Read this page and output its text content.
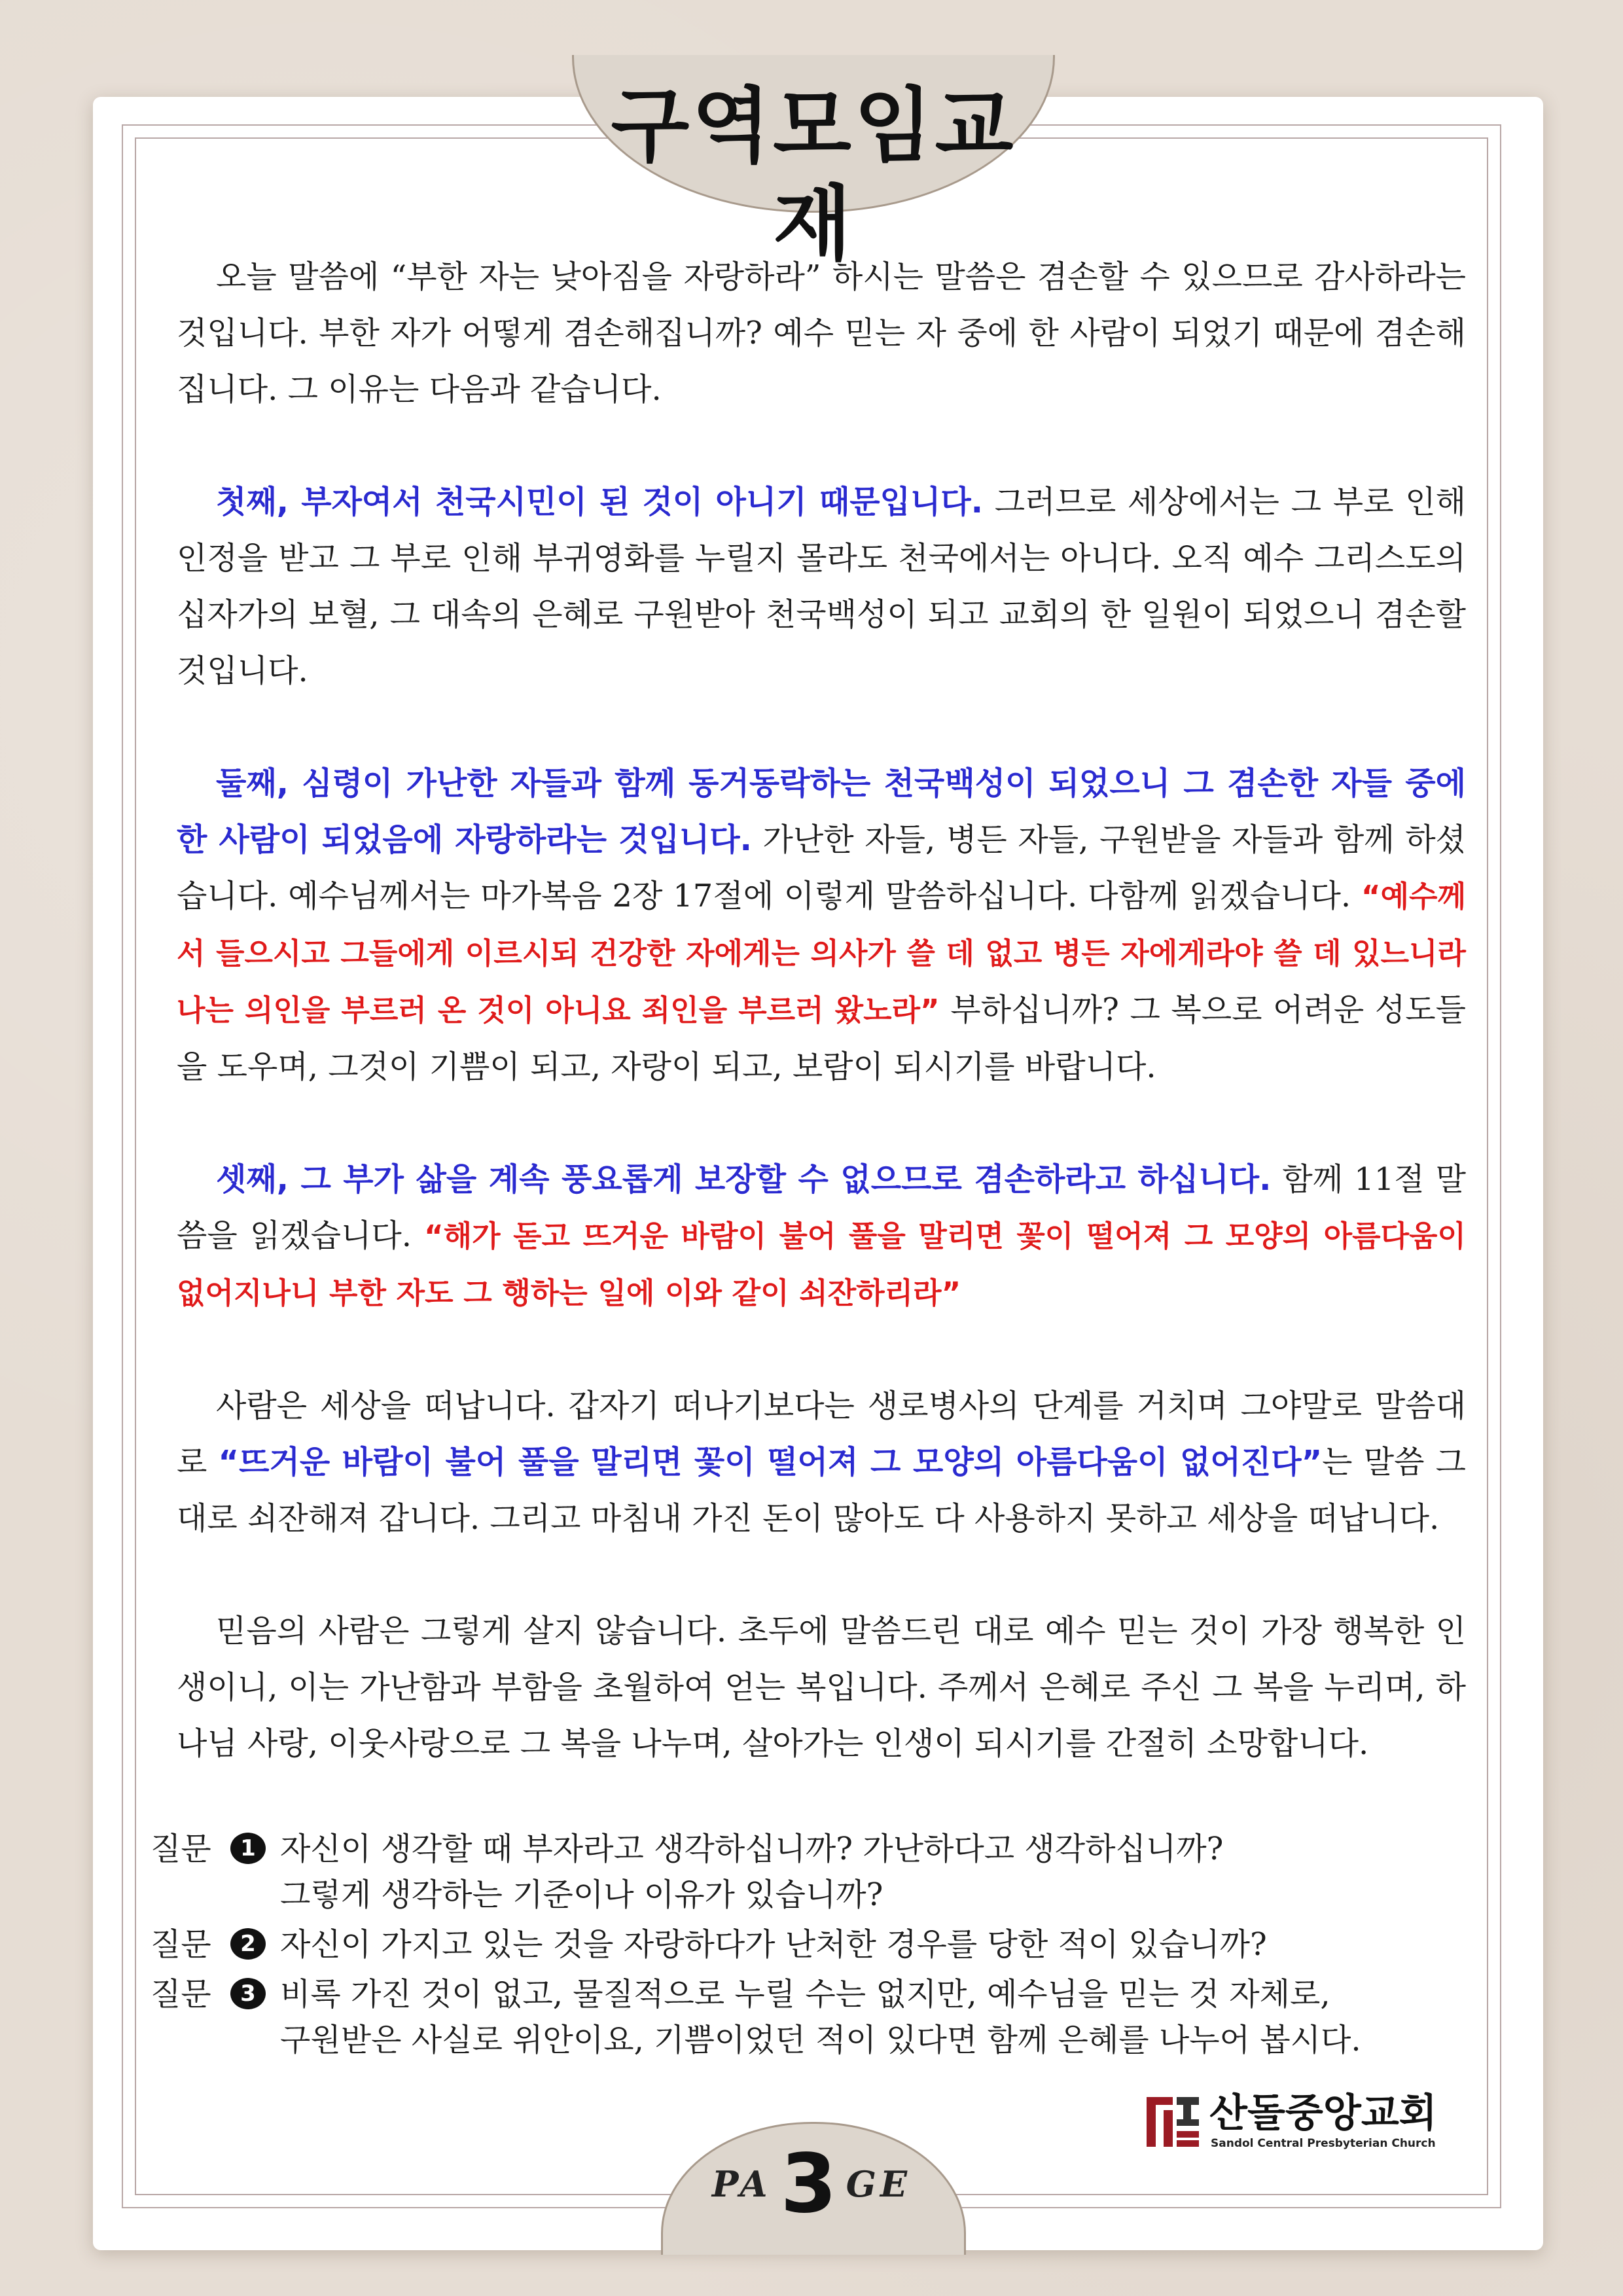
구역모임교재

오늘 말씀에 “부한 자는 낮아짐을 자랑하라” 하시는 말씀은 겸손할 수 있으므로 감사하라는 것입니다. 부한 자가 어떻게 겸손해집니까? 예수 믿는 자 중에 한 사람이 되었기 때문에 겸손해집니다. 그 이유는 다음과 같습니다.

첫째, 부자여서 천국시민이 된 것이 아니기 때문입니다. 그러므로 세상에서는 그 부로 인해 인정을 받고 그 부로 인해 부귀영화를 누릴지 몰라도 천국에서는 아니다. 오직 예수 그리스도의 십자가의 보혈, 그 대속의 은혜로 구원받아 천국백성이 되고 교회의 한 일원이 되었으니 겸손할 것입니다.

둘째, 심령이 가난한 자들과 함께 동거동락하는 천국백성이 되었으니 그 겸손한 자들 중에 한 사람이 되었음에 자랑하라는 것입니다. 가난한 자들, 병든 자들, 구원받을 자들과 함께 하셨습니다. 예수님께서는 마가복음 2장 17절에 이렇게 말씀하십니다. 다함께 읽겠습니다. “예수께서 들으시고 그들에게 이르시되 건강한 자에게는 의사가 쓸 데 없고 병든 자에게라야 쓸 데 있느니라 나는 의인을 부르러 온 것이 아니요 죄인을 부르러 왔노라” 부하십니까? 그 복으로 어려운 성도들을 도우며, 그것이 기쁨이 되고, 자랑이 되고, 보람이 되시기를 바랍니다.

셋째, 그 부가 삶을 계속 풍요롭게 보장할 수 없으므로 겸손하라고 하십니다. 함께 11절 말씀을 읽겠습니다. “해가 돋고 뜨거운 바람이 불어 풀을 말리면 꽃이 떨어져 그 모양의 아름다움이 없어지나니 부한 자도 그 행하는 일에 이와 같이 쇠잔하리라”

사람은 세상을 떠납니다. 갑자기 떠나기보다는 생로병사의 단계를 거치며 그야말로 말씀대로 “뜨거운 바람이 불어 풀을 말리면 꽃이 떨어져 그 모양의 아름다움이 없어진다”는 말씀 그대로 쇠잔해져 갑니다. 그리고 마침내 가진 돈이 많아도 다 사용하지 못하고 세상을 떠납니다.

믿음의 사람은 그렇게 살지 않습니다. 초두에 말씀드린 대로 예수 믿는 것이 가장 행복한 인생이니, 이는 가난함과 부함을 초월하여 얻는 복입니다. 주께서 은혜로 주신 그 복을 누리며, 하나님 사랑, 이웃사랑으로 그 복을 나누며, 살아가는 인생이 되시기를 간절히 소망합니다.

질문	1 자신이 생각할 때 부자라고 생각하십니까? 가난하다고 생각하십니까?
그렇게 생각하는 기준이나 이유가 있습니까?
질문	2 자신이 가지고 있는 것을 자랑하다가 난처한 경우를 당한 적이 있습니까?
질문	3 비록 가진 것이 없고, 물질적으로 누릴 수는 없지만, 예수님을 믿는 것 자체로,
구원받은 사실로 위안이요, 기쁨이었던 적이 있다면 함께 은혜를 나누어 봅시다.
산돌중앙교회
Sandol Central Presbyterian Church
PA 3 GE
